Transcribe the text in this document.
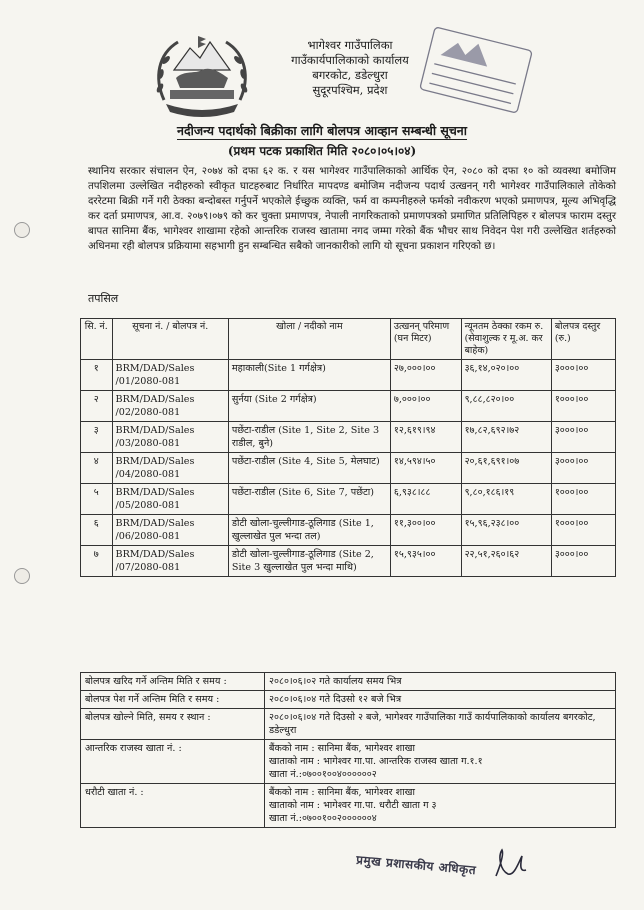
भागेश्वर गाउँपालिका
गाउँकार्यपालिकाको कार्यालय
बगरकोट, डडेल्धुरा
सुदूरपश्चिम, प्रदेश
नदीजन्य पदार्थको बिक्रीका लागि बोलपत्र आव्हान सम्बन्धी सूचना
(प्रथम पटक प्रकाशित मिति २०८०।०५।०४)

स्थानिय सरकार संचालन ऐन, २०७४ को दफा ६२ क. र यस भागेश्वर गाउँपालिकाको आर्थिक ऐन, २०८० को दफा १० को व्यवस्था बमोजिम तपशिलमा उल्लेखित नदीहरुको स्वीकृत घाटहरुबाट निर्धारित मापदण्ड बमोजिम नदीजन्य पदार्थ उत्खनन् गरी भागेश्वर गाउँपालिकाले तोकेको दररेटमा बिक्री गर्ने गरी ठेक्का बन्दोबस्त गर्नुपर्ने भएकोले ईच्छुक व्यक्ति, फर्म वा कम्पनीहरुले फर्मको नवीकरण भएको प्रमाणपत्र, मूल्य अभिवृद्धि कर दर्ता प्रमाणपत्र, आ.व. २०७९।०७९ को कर चुक्ता प्रमाणपत्र, नेपाली नागरिकताको प्रमाणपत्रको प्रमाणित प्रतिलिपिहरु र बोलपत्र फाराम दस्तुर बापत सानिमा बैंक, भागेश्वर शाखामा रहेको आन्तरिक राजस्व खातामा नगद जम्मा गरेको बैंक भौचर साथ निवेदन पेश गरी उल्लेखित शर्तहरुको अधिनमा रही बोलपत्र प्रक्रियामा सहभागी हुन सम्बन्धित सबैको जानकारीको लागि यो सूचना प्रकाशन गरिएको छ।

तपसिल

सि. नं.	सूचना नं. / बोलपत्र नं.	खोला / नदीको नाम	उत्खनन् परिमाण (घन मिटर)	न्यूनतम ठेक्का रकम रु. (सेवाशुल्क र मू.अ. कर बाहेक)	बोलपत्र दस्तुर (रु.)
१	BRM/DAD/Sales /01/2080-081	महाकाली(Site 1 गर्गक्षेत्र)	२७,०००।००	३६,१४,०२०।००	३०००।००
२	BRM/DAD/Sales /02/2080-081	सुर्नया (Site 2 गर्गक्षेत्र)	७,०००।००	९,८८,८२०।००	१०००।००
३	BRM/DAD/Sales /03/2080-081	पछेंटा-राडील (Site 1, Site 2, Site 3 राडील, बुने)	१२,६१९।९४	१७,८२,६९२।७२	३०००।००
४	BRM/DAD/Sales /04/2080-081	पछेंटा-राडील (Site 4, Site 5, मेलघाट)	१४,५९४।५०	२०,६१,६९१।०७	३०००।००
५	BRM/DAD/Sales /05/2080-081	पछेंटा-राडील (Site 6, Site 7, पछेंटा)	६,९३८।८८	९,८०,१८६।१९	१०००।००
६	BRM/DAD/Sales /06/2080-081	डोटी खोला-चुल्लीगाड-ठूलिगाड (Site 1, खुल्लाखेत पुल भन्दा तल)	११,३००।००	१५,९६,२३८।००	१०००।००
७	BRM/DAD/Sales /07/2080-081	डोटी खोला-चुल्लीगाड-ठूलिगाड (Site 2, Site 3 खुल्लाखेत पुल भन्दा माथि)	१५,९३५।००	२२,५१,२६०।६२	३०००।००
बोलपत्र खरिद गर्ने अन्तिम मिति र समय :	२०८०।०६।०२ गते कार्यालय समय भित्र
बोलपत्र पेश गर्ने अन्तिम मिति र समय :	२०८०।०६।०४ गते दिउसो १२ बजे भित्र
बोलपत्र खोल्ने मिति, समय र स्थान :	२०८०।०६।०४ गते दिउसो २ बजे, भागेश्वर गाउँपालिका गाउँ कार्यपालिकाको कार्यालय बगरकोट, डडेल्धुरा
आन्तरिक राजस्व खाता नं. :	बैंकको नाम : सानिमा बैंक, भागेश्वर शाखा
खाताको नाम : भागेश्वर गा.पा. आन्तरिक राजस्व खाता ग.१.१
खाता नं.:०७००१००४००००००२

धरौटी खाता नं. :	बैंकको नाम : सानिमा बैंक, भागेश्वर शाखा
खाताको नाम : भागेश्वर गा.पा. धरौटी खाता ग ३
खाता नं.:०७००१००२००००००४
प्रमुख प्रशासकीय अधिकृत
